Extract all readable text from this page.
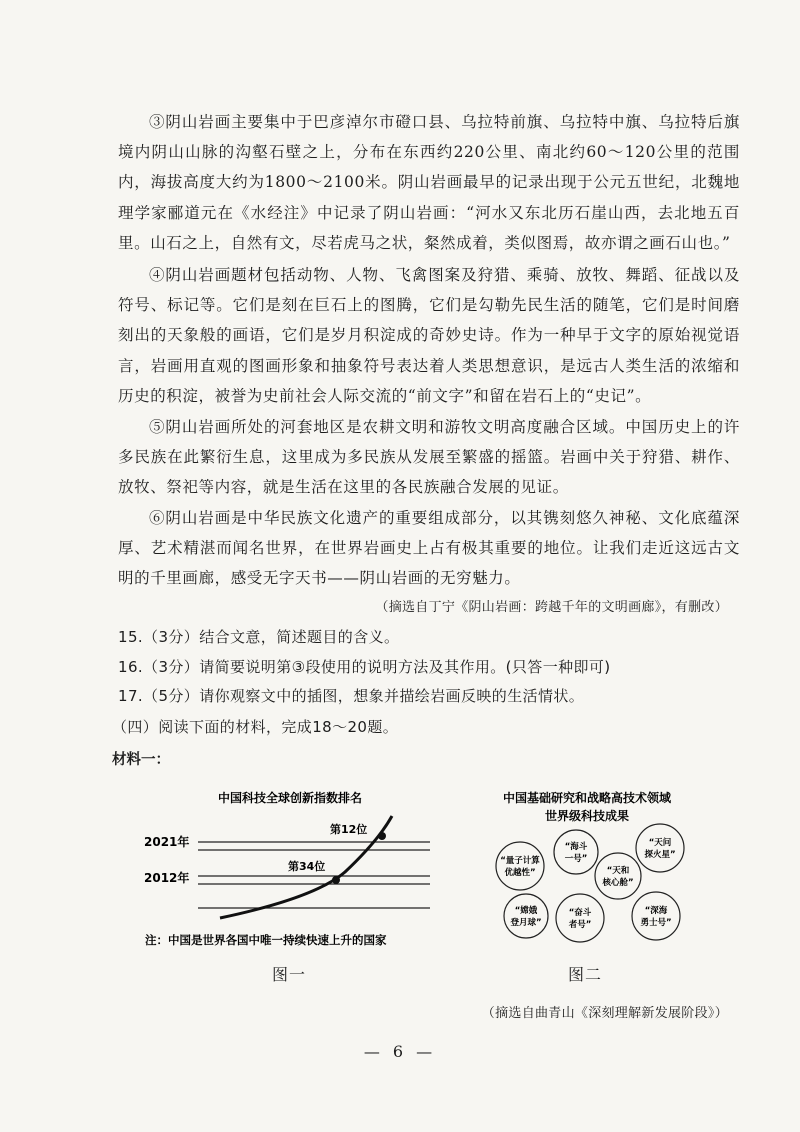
③阴山岩画主要集中于巴彦淖尔市磴口县、乌拉特前旗、乌拉特中旗、乌拉特后旗境内阴山山脉的沟壑石壁之上，分布在东西约220公里、南北约60～120公里的范围内，海拔高度大约为1800～2100米。阴山岩画最早的记录出现于公元五世纪，北魏地理学家郦道元在《水经注》中记录了阴山岩画：“河水又东北历石崖山西，去北地五百里。山石之上，自然有文，尽若虎马之状，粲然成着，类似图焉，故亦谓之画石山也。”
④阴山岩画题材包括动物、人物、飞禽图案及狩猎、乘骑、放牧、舞蹈、征战以及符号、标记等。它们是刻在巨石上的图腾，它们是勾勒先民生活的随笔，它们是时间磨刻出的天象般的画语，它们是岁月积淀成的奇妙史诗。作为一种早于文字的原始视觉语言，岩画用直观的图画形象和抽象符号表达着人类思想意识，是远古人类生活的浓缩和历史的积淀，被誉为史前社会人际交流的“前文字”和留在岩石上的“史记”。
⑤阴山岩画所处的河套地区是农耕文明和游牧文明高度融合区域。中国历史上的许多民族在此繁衍生息，这里成为多民族从发展至繁盛的摇篮。岩画中关于狩猎、耕作、放牧、祭祀等内容，就是生活在这里的各民族融合发展的见证。
⑥阴山岩画是中华民族文化遗产的重要组成部分，以其镌刻悠久神秘、文化底蕴深厚、艺术精湛而闻名世界，在世界岩画史上占有极其重要的地位。让我们走近这远古文明的千里画廊，感受无字天书——阴山岩画的无穷魅力。
（摘选自丁宁《阴山岩画：跨越千年的文明画廊》，有删改）
15.（3分）结合文意，简述题目的含义。
16.（3分）请简要说明第③段使用的说明方法及其作用。(只答一种即可)
17.（5分）请你观察文中的插图，想象并描绘岩画反映的生活情状。
（四）阅读下面的材料，完成18～20题。
材料一：
中国科技全球创新指数排名
2021年
2012年
第12位
第34位
注：中国是世界各国中唯一持续快速上升的国家
中国基础研究和战略高技术领域
世界级科技成果
“量子计算
优越性”
“海斗
一号”
“天问
探火星”
“天和
核心舱”
“嫦娥
登月球”
“奋斗
者号”
“深海
勇士号”
图一	图二
（摘选自曲青山《深刻理解新发展阶段》）
— 6 —
